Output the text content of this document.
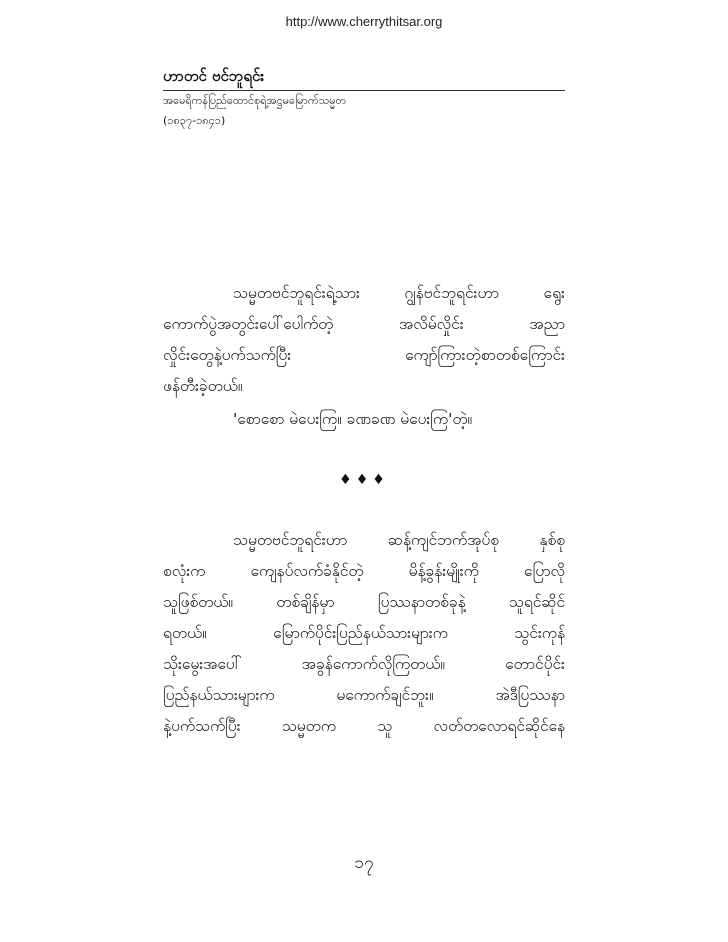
http://www.cherrythitsar.org
ဟာတင် ဗင်ဘူရင်း
အမေရိကန်ပြည်ထောင်စုရဲ့အဋ္ဌမမြောက်သမ္မတ
(၁၈၃၇-၁၈၄၁)
သမ္မတဗင်ဘူရင်းရဲ့သား ဂျွန်ဗင်ဘူရင်းဟာ ရွေး
ကောက်ပွဲအတွင်းပေါ်ပေါက်တဲ့ အလိမ်လှိုင်း အညာ
လှိုင်းတွေနဲ့ပက်သက်ပြီး ကျော်ကြားတဲ့စာတစ်ကြောင်း
ဖန်တီးခဲ့တယ်။
'စောစော မဲပေးကြ။ ခဏခဏ မဲပေးကြ'တဲ့။
♦♦♦
သမ္မတဗင်ဘူရင်းဟာ ဆန့်ကျင်ဘက်အုပ်စု နှစ်စု
စလုံးက ကျေနပ်လက်ခံနိုင်တဲ့ မိန့်ခွန်းမျိုးကို ပြောလို
သူဖြစ်တယ်။ တစ်ချိန်မှာ ပြဿနာတစ်ခုနဲ့ သူရင်ဆိုင်
ရတယ်။ မြောက်ပိုင်းပြည်နယ်သားများက သွင်းကုန်
သိုးမွေးအပေါ် အခွန်ကောက်လိုကြတယ်။ တောင်ပိုင်း
ပြည်နယ်သားများက မကောက်ချင်ဘူး။ အဲဒီပြဿနာ
နဲ့ပက်သက်ပြီး သမ္မတက သူ လတ်တလောရင်ဆိုင်နေ
၁၇
